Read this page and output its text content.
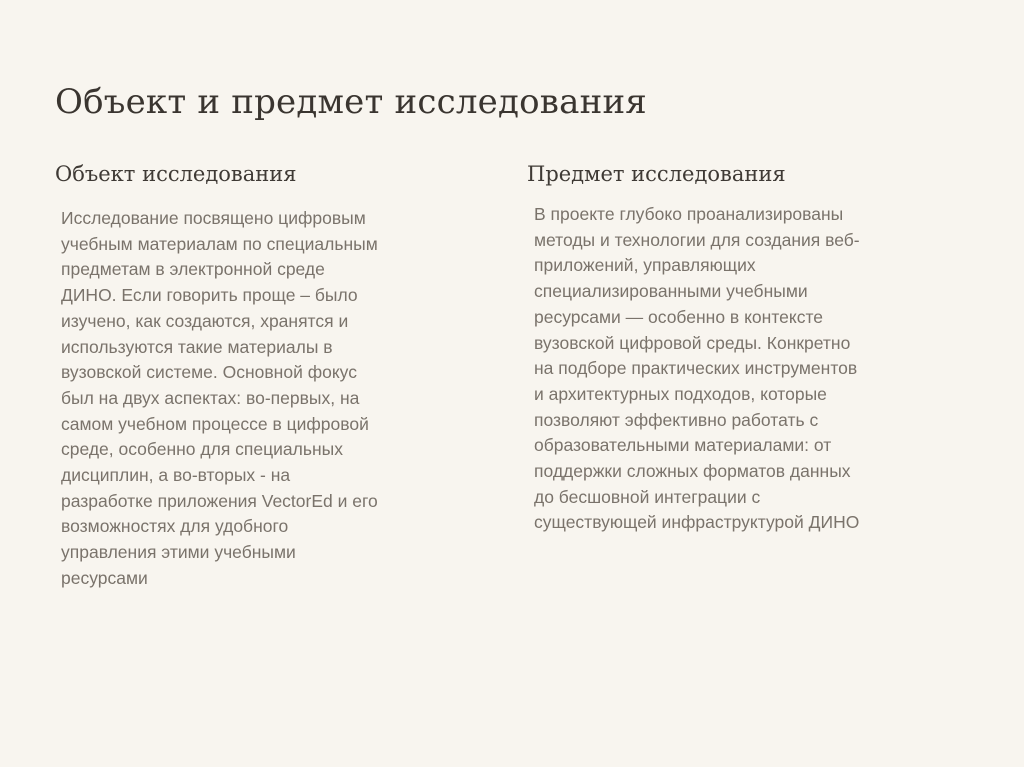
Объект и предмет исследования
Объект исследования
Исследование посвящено цифровым
учебным материалам по специальным
предметам в электронной среде
ДИНО. Если говорить проще – было
изучено, как создаются, хранятся и
используются такие материалы в
вузовской системе. Основной фокус
был на двух аспектах: во-первых, на
самом учебном процессе в цифровой
среде, особенно для специальных
дисциплин, а во-вторых - на
разработке приложения VectorEd и его
возможностях для удобного
управления этими учебными
ресурсами
Предмет исследования
В проекте глубоко проанализированы
методы и технологии для создания веб-
приложений, управляющих
специализированными учебными
ресурсами — особенно в контексте
вузовской цифровой среды. Конкретно
на подборе практических инструментов
и архитектурных подходов, которые
позволяют эффективно работать с
образовательными материалами: от
поддержки сложных форматов данных
до бесшовной интеграции с
существующей инфраструктурой ДИНО
